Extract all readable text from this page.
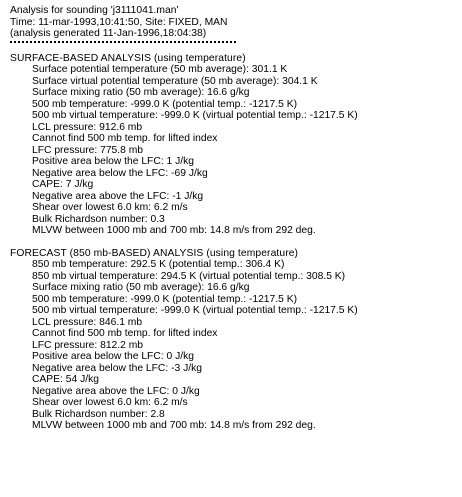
Analysis for sounding 'j3111041.man'
Time: 11-mar-1993,10:41:50, Site: FIXED, MAN
(analysis generated 11-Jan-1996,18:04:38)
SURFACE-BASED ANALYSIS (using temperature)
Surface potential temperature (50 mb average): 301.1 K
Surface virtual potential temperature (50 mb average): 304.1 K
Surface mixing ratio (50 mb average): 16.6 g/kg
500 mb temperature: -999.0 K (potential temp.: -1217.5 K)
500 mb virtual temperature: -999.0 K (virtual potential temp.: -1217.5 K)
LCL pressure: 912.6 mb
Cannot find 500 mb temp. for lifted index
LFC pressure: 775.8 mb
Positive area below the LFC: 1 J/kg
Negative area below the LFC: -69 J/kg
CAPE: 7 J/kg
Negative area above the LFC: -1 J/kg
Shear over lowest 6.0 km: 6.2 m/s
Bulk Richardson number: 0.3
MLVW between 1000 mb and 700 mb: 14.8 m/s from 292 deg.
FORECAST (850 mb-BASED) ANALYSIS (using temperature)
850 mb temperature: 292.5 K (potential temp.: 306.4 K)
850 mb virtual temperature: 294.5 K (virtual potential temp.: 308.5 K)
Surface mixing ratio (50 mb average): 16.6 g/kg
500 mb temperature: -999.0 K (potential temp.: -1217.5 K)
500 mb virtual temperature: -999.0 K (virtual potential temp.: -1217.5 K)
LCL pressure: 846.1 mb
Cannot find 500 mb temp. for lifted index
LFC pressure: 812.2 mb
Positive area below the LFC: 0 J/kg
Negative area below the LFC: -3 J/kg
CAPE: 54 J/kg
Negative area above the LFC: 0 J/kg
Shear over lowest 6.0 km: 6.2 m/s
Bulk Richardson number: 2.8
MLVW between 1000 mb and 700 mb: 14.8 m/s from 292 deg.
